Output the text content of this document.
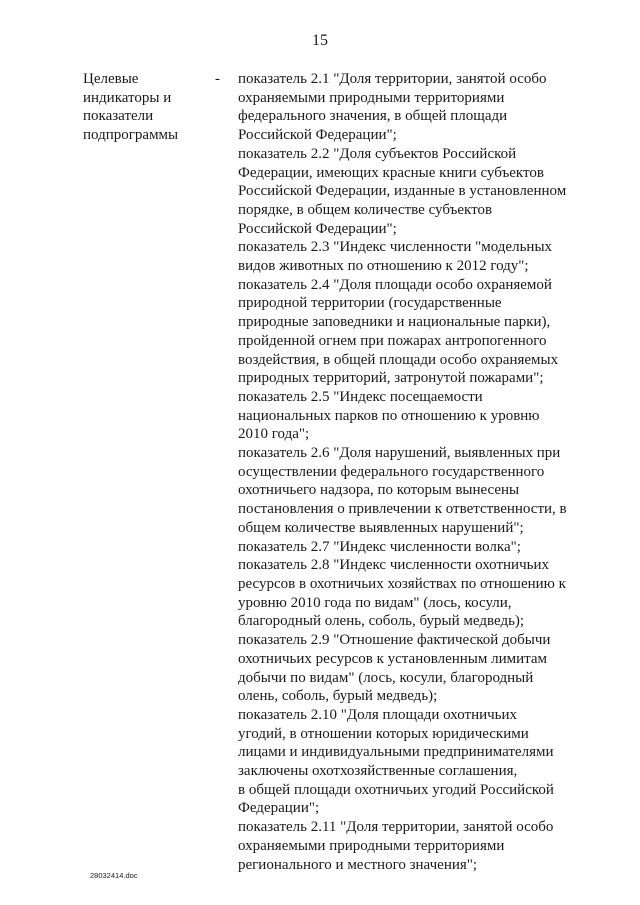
15
Целевые
индикаторы и
показатели
подпрограммы
- показатель 2.1 "Доля территории, занятой особо
охраняемыми природными территориями
федерального значения, в общей площади
Российской Федерации";
показатель 2.2 "Доля субъектов Российской
Федерации, имеющих красные книги субъектов
Российской Федерации, изданные в установленном
порядке, в общем количестве субъектов
Российской Федерации";
показатель 2.3 "Индекс численности "модельных
видов животных по отношению к 2012 году";
показатель 2.4 "Доля площади особо охраняемой
природной территории (государственные
природные заповедники и национальные парки),
пройденной огнем при пожарах антропогенного
воздействия, в общей площади особо охраняемых
природных территорий, затронутой пожарами";
показатель 2.5 "Индекс посещаемости
национальных парков по отношению к уровню
2010 года";
показатель 2.6 "Доля нарушений, выявленных при
осуществлении федерального государственного
охотничьего надзора, по которым вынесены
постановления о привлечении к ответственности, в
общем количестве выявленных нарушений";
показатель 2.7 "Индекс численности волка";
показатель 2.8 "Индекс численности охотничьих
ресурсов в охотничьих хозяйствах по отношению к
уровню 2010 года по видам" (лось, косули,
благородный олень, соболь, бурый медведь);
показатель 2.9 "Отношение фактической добычи
охотничьих ресурсов к установленным лимитам
добычи по видам" (лось, косули, благородный
олень, соболь, бурый медведь);
показатель 2.10 "Доля площади охотничьих
угодий, в отношении которых юридическими
лицами и индивидуальными предпринимателями
заключены охотхозяйственные соглашения,
в общей площади охотничьих угодий Российской
Федерации";
показатель 2.11 "Доля территории, занятой особо
охраняемыми природными территориями
регионального и местного значения";
28032414.doc
